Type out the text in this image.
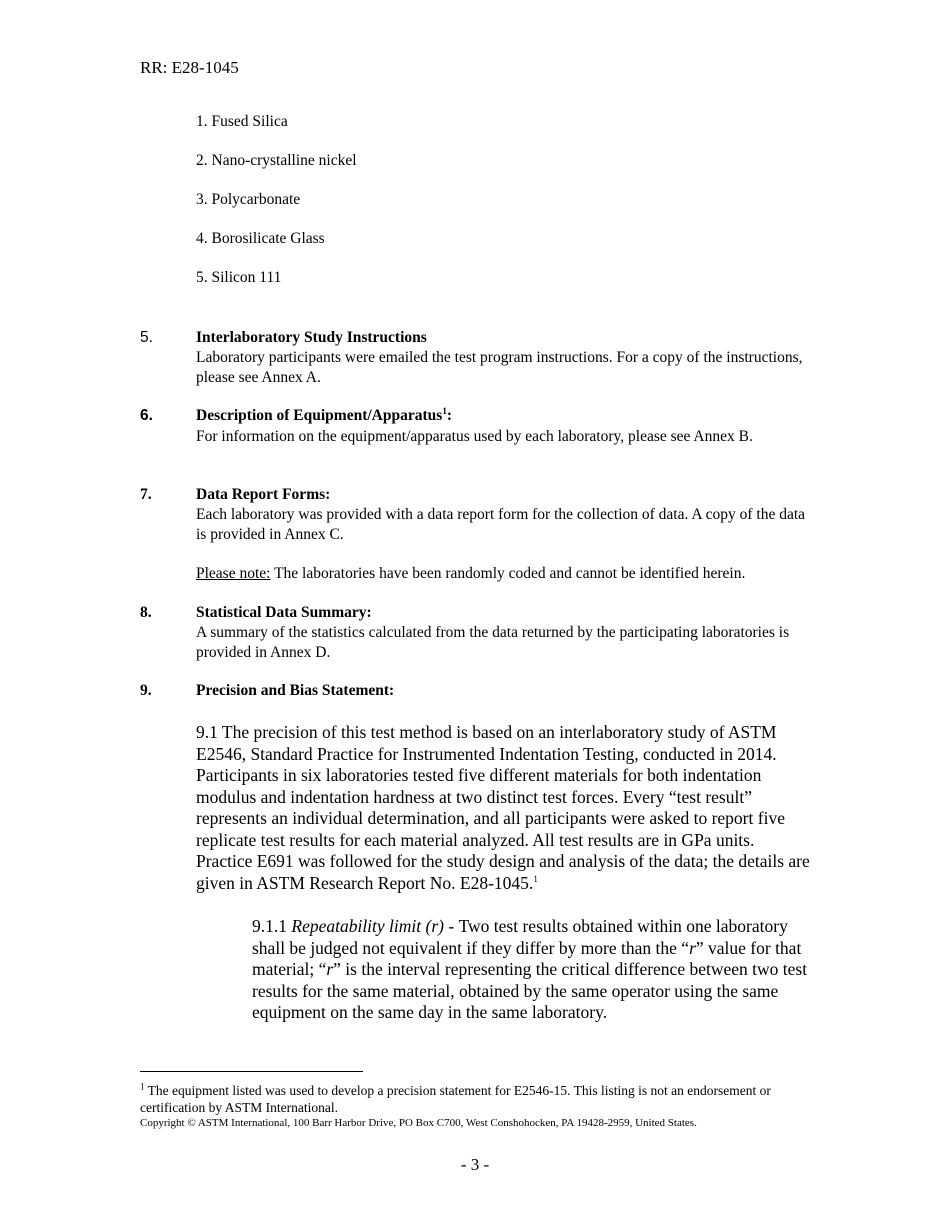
RR: E28-1045
1. Fused Silica
2. Nano-crystalline nickel
3. Polycarbonate
4. Borosilicate Glass
5. Silicon 111
5.	Interlaboratory Study Instructions
Laboratory participants were emailed the test program instructions. For a copy of the instructions, please see Annex A.
6.	Description of Equipment/Apparatus$^1$:
For information on the equipment/apparatus used by each laboratory, please see Annex B.
7.	Data Report Forms:
Each laboratory was provided with a data report form for the collection of data. A copy of the data is provided in Annex C.
Please note: The laboratories have been randomly coded and cannot be identified herein.
8.	Statistical Data Summary:
A summary of the statistics calculated from the data returned by the participating laboratories is provided in Annex D.
9.	Precision and Bias Statement:
9.1 The precision of this test method is based on an interlaboratory study of ASTM E2546, Standard Practice for Instrumented Indentation Testing, conducted in 2014. Participants in six laboratories tested five different materials for both indentation modulus and indentation hardness at two distinct test forces. Every “test result” represents an individual determination, and all participants were asked to report five replicate test results for each material analyzed. All test results are in GPa units. Practice E691 was followed for the study design and analysis of the data; the details are given in ASTM Research Report No. E28-1045.$^1$
9.1.1 Repeatability limit (r) - Two test results obtained within one laboratory shall be judged not equivalent if they differ by more than the “r” value for that material; “r” is the interval representing the critical difference between two test results for the same material, obtained by the same operator using the same equipment on the same day in the same laboratory.
$^1$ The equipment listed was used to develop a precision statement for E2546-15. This listing is not an endorsement or certification by ASTM International.
Copyright © ASTM International, 100 Barr Harbor Drive, PO Box C700, West Conshohocken, PA 19428-2959, United States.
- 3 -
